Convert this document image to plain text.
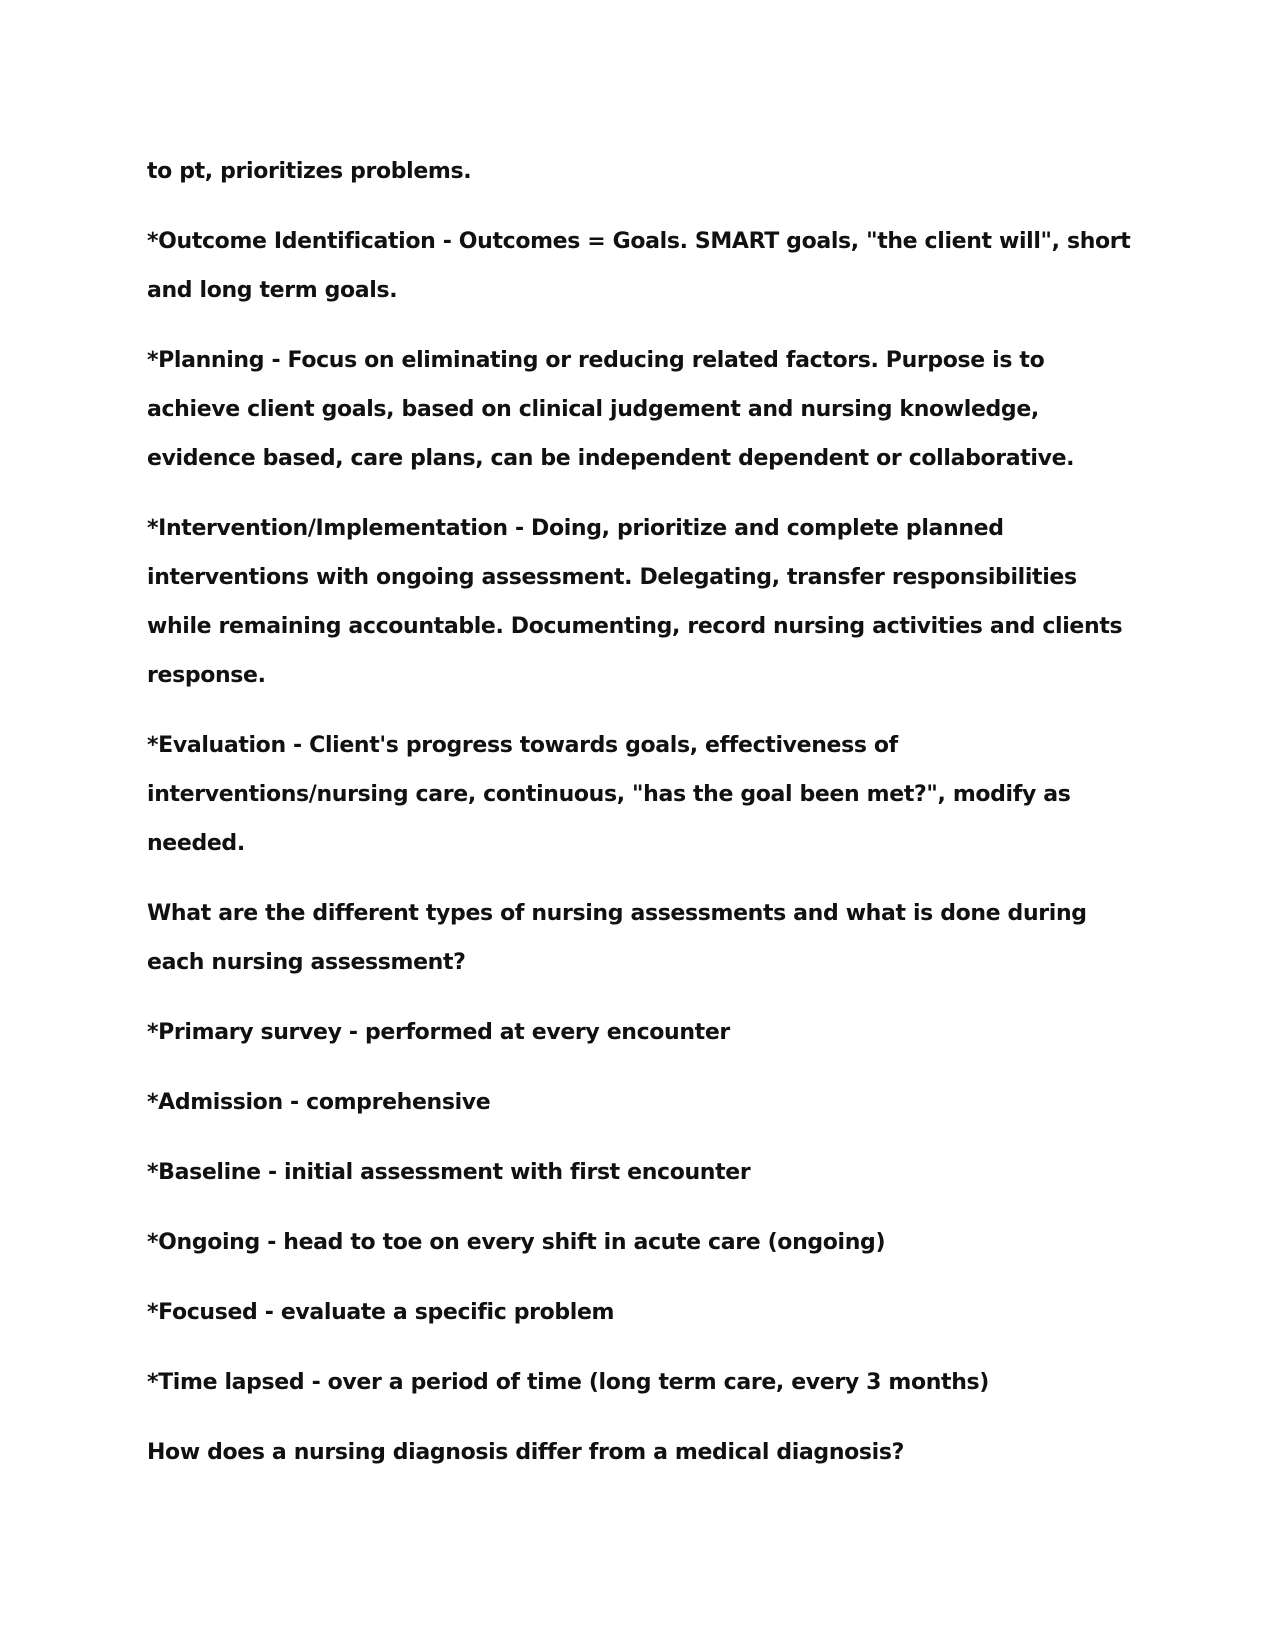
to pt, prioritizes problems.

*Outcome Identification - Outcomes = Goals. SMART goals, "the client will", short and long term goals.

*Planning - Focus on eliminating or reducing related factors. Purpose is to achieve client goals, based on clinical judgement and nursing knowledge, evidence based, care plans, can be independent dependent or collaborative.

*Intervention/Implementation - Doing, prioritize and complete planned interventions with ongoing assessment. Delegating, transfer responsibilities while remaining accountable. Documenting, record nursing activities and clients response.

*Evaluation - Client's progress towards goals, effectiveness of interventions/nursing care, continuous, "has the goal been met?", modify as needed.

What are the different types of nursing assessments and what is done during each nursing assessment?

*Primary survey - performed at every encounter

*Admission - comprehensive

*Baseline - initial assessment with first encounter

*Ongoing - head to toe on every shift in acute care (ongoing)

*Focused - evaluate a specific problem

*Time lapsed - over a period of time (long term care, every 3 months)

How does a nursing diagnosis differ from a medical diagnosis?
